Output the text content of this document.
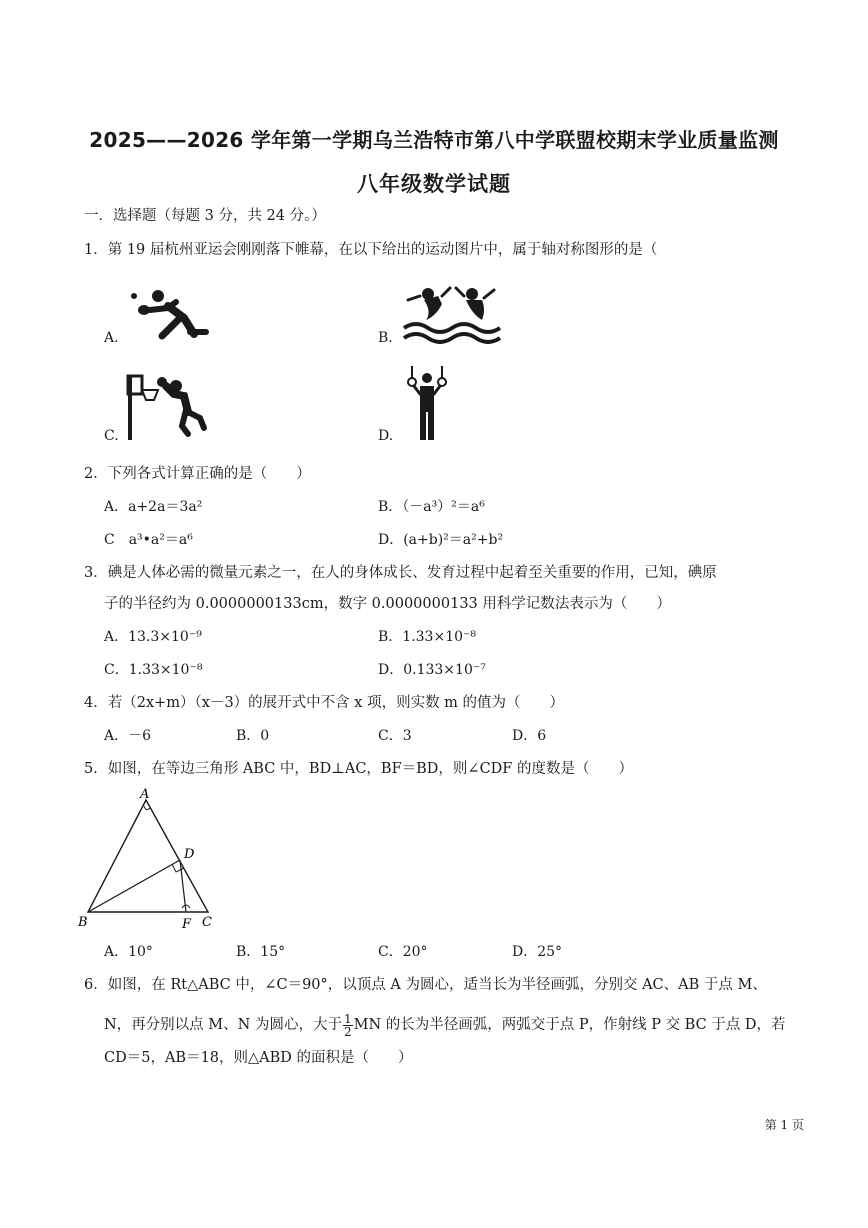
2025——2026 学年第一学期乌兰浩特市第八中学联盟校期末学业质量监测
八年级数学试题
一．选择题（每题 3 分，共 24 分。）
1．第 19 届杭州亚运会刚刚落下帷幕，在以下给出的运动图片中，属于轴对称图形的是（
A.	B.
C.	D.
2．下列各式计算正确的是（　　）
A．a+2a＝3a²	B．（－a³）²＝a⁶
C　a³•a²＝a⁶	D．(a+b)²＝a²+b²
3．碘是人体必需的微量元素之一，在人的身体成长、发育过程中起着至关重要的作用，已知，碘原
子的半径约为 0.0000000133cm，数字 0.0000000133 用科学记数法表示为（　　）
A．13.3×10⁻⁹	B．1.33×10⁻⁸
C．1.33×10⁻⁸	D．0.133×10⁻⁷
4．若（2x+m）（x－3）的展开式中不含 x 项，则实数 m 的值为（　　）
A．－6	B．0	C．3	D．6
5．如图，在等边三角形 ABC 中，BD⊥AC，BF＝BD，则∠CDF 的度数是（　　）
A
B	C
D
F
A．10°	B．15°	C．20°	D．25°
6．如图，在 Rt△ABC 中，∠C＝90°，以顶点 A 为圆心，适当长为半径画弧，分别交 AC、AB 于点 M、
N，再分别以点 M、N 为圆心，大于 $\frac{1}{2}$ MN 的长为半径画弧，两弧交于点 P，作射线 P 交 BC 于点 D，若
CD＝5，AB＝18，则△ABD 的面积是（　　）
第 1 页
